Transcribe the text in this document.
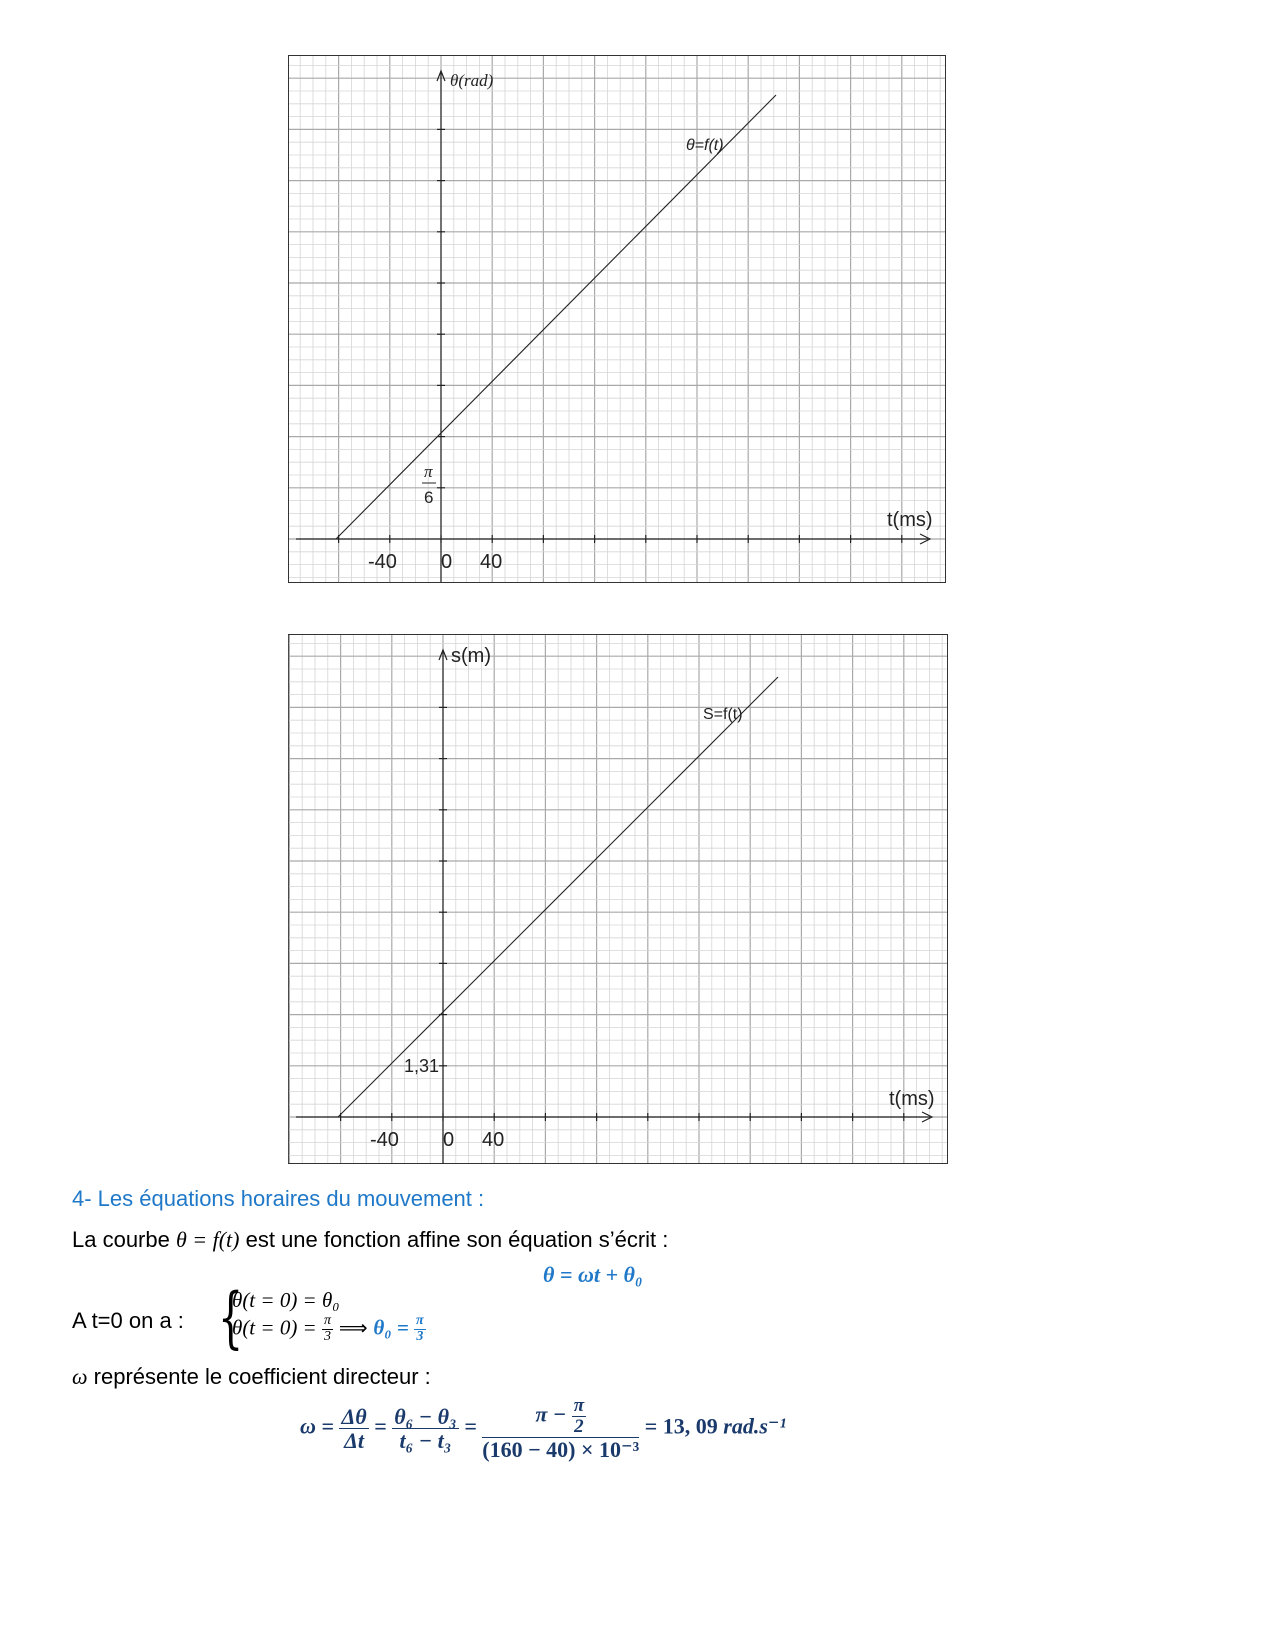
θ(rad)
θ=f(t)
t(ms)
-40 0 40
π
6
s(m)
S=f(t)
t(ms)
-40 0 40
1,31
4- Les équations horaires du mouvement :
La courbe θ = f(t) est une fonction affine son équation s’écrit :
θ = ωt + θ₀
A t=0 on a : {
θ(t = 0) = θ₀
$\theta(t = 0) = \frac{\pi}{3}$ ⟹ $\theta_0 = \frac{\pi}{3}$
ω représente le coefficient directeur :
$\omega = \frac{\Delta\theta}{\Delta t} = \frac{\text{θ₆ − θ₃}}{\text{t₆ − t₃}} = \frac{\pi - \frac{\pi}{2}}{\text{(160 − 40) × 10⁻³}} = 13$, 09 rad.s⁻¹
